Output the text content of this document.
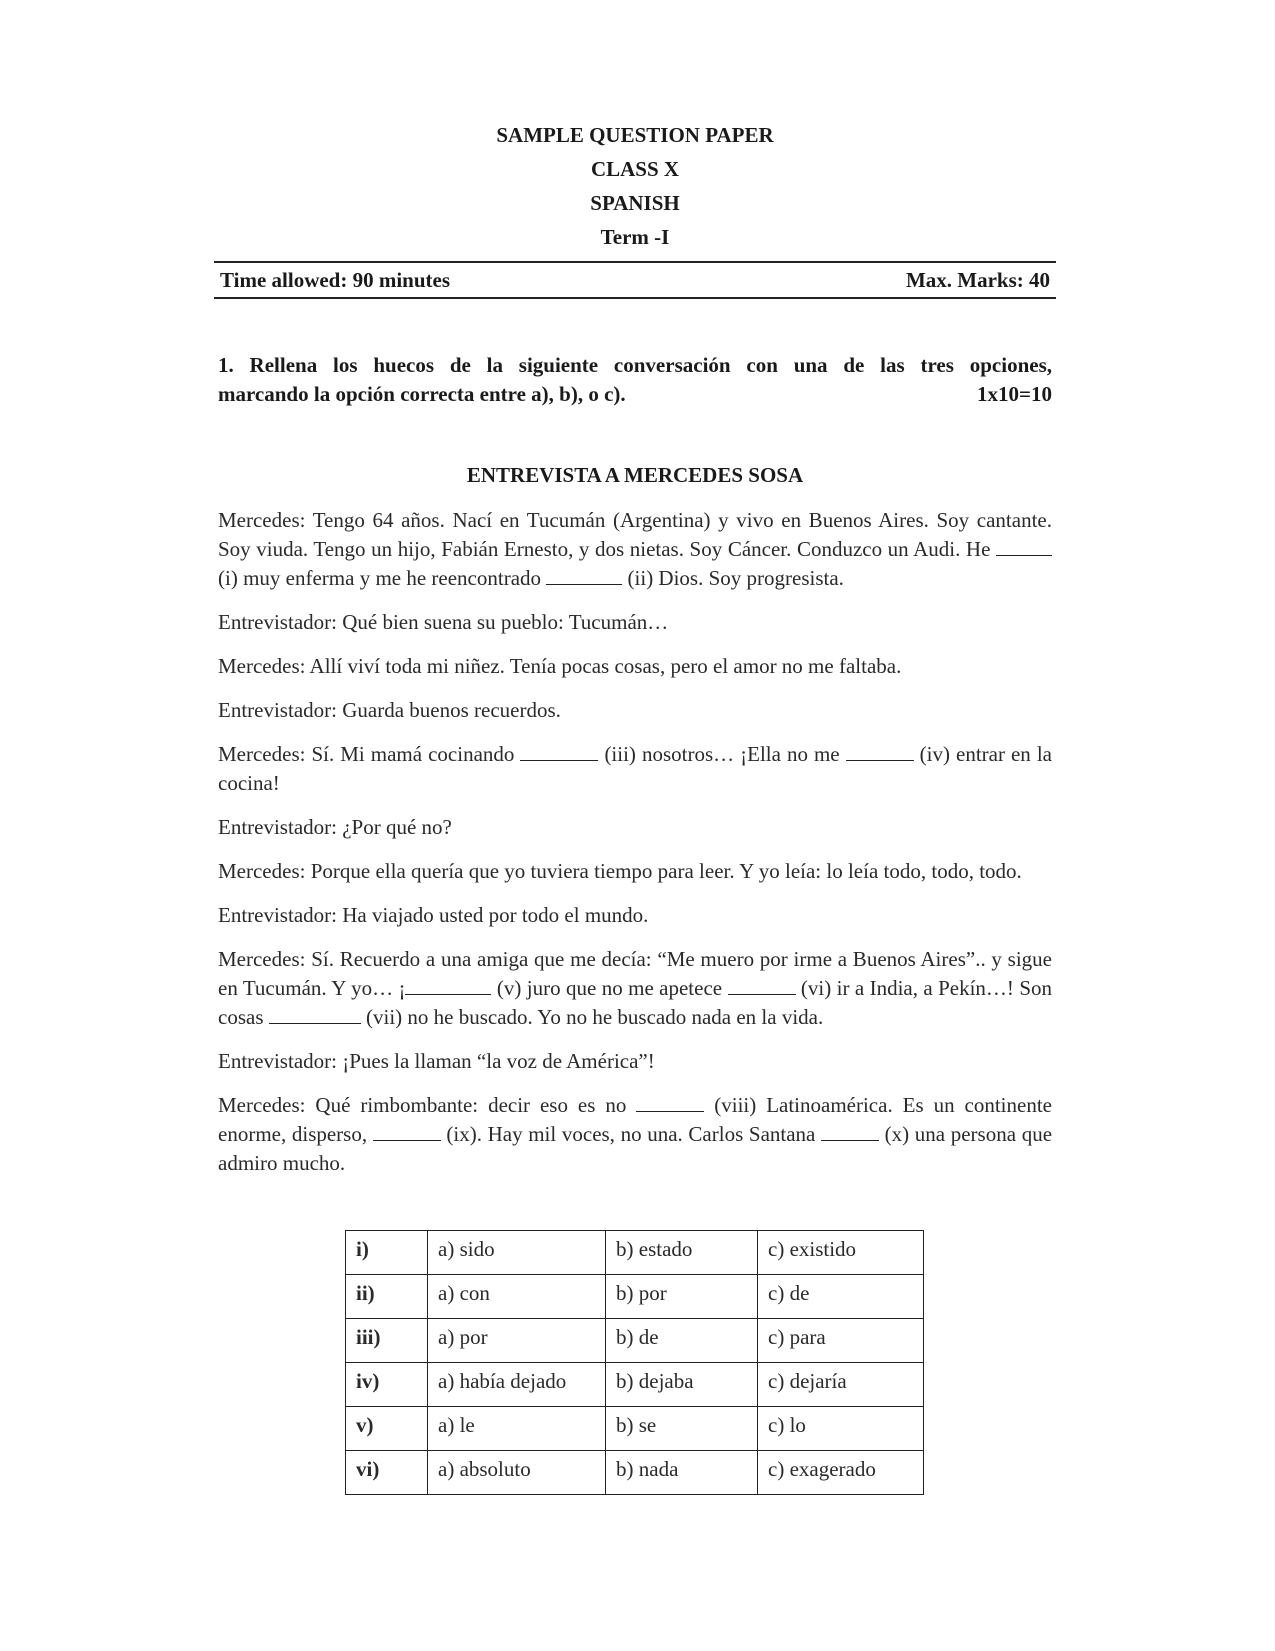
SAMPLE QUESTION PAPER
CLASS X
SPANISH
Term -I
Time allowed: 90 minutes	Max. Marks: 40
1. Rellena los huecos de la siguiente conversación con una de las tres opciones,
marcando la opción correcta entre a), b), o c).	1x10=10
ENTREVISTA A MERCEDES SOSA

Mercedes: Tengo 64 años. Nací en Tucumán (Argentina) y vivo en Buenos Aires. Soy cantante. Soy viuda. Tengo un hijo, Fabián Ernesto, y dos nietas. Soy Cáncer. Conduzco un Audi. He  (i) muy enferma y me he reencontrado	(ii) Dios. Soy progresista.

Entrevistador: Qué bien suena su pueblo: Tucumán…

Mercedes: Allí viví toda mi niñez. Tenía pocas cosas, pero el amor no me faltaba.

Entrevistador: Guarda buenos recuerdos.

Mercedes: Sí. Mi mamá cocinando	(iii) nosotros… ¡Ella no me	(iv) entrar en la cocina!

Entrevistador: ¿Por qué no?

Mercedes: Porque ella quería que yo tuviera tiempo para leer. Y yo leía: lo leía todo, todo, todo.

Entrevistador: Ha viajado usted por todo el mundo.

Mercedes: Sí. Recuerdo a una amiga que me decía: “Me muero por irme a Buenos Aires”.. y sigue en Tucumán. Y yo… ¡	(v) juro que no me apetece	(vi) ir a India, a Pekín…! Son cosas	(vii) no he buscado. Yo no he buscado nada en la vida.

Entrevistador: ¡Pues la llaman “la voz de América”!

Mercedes: Qué rimbombante: decir eso es no	(viii) Latinoamérica. Es un continente enorme, disperso,	(ix). Hay mil voces, no una. Carlos Santana	(x) una persona que admiro mucho.

i)	a) sido	b) estado	c) existido
ii)	a) con	b) por	c) de
iii)	a) por	b) de	c) para
iv)	a) había dejado	b) dejaba	c) dejaría
v)	a) le	b) se	c) lo
vi)	a) absoluto	b) nada	c) exagerado
